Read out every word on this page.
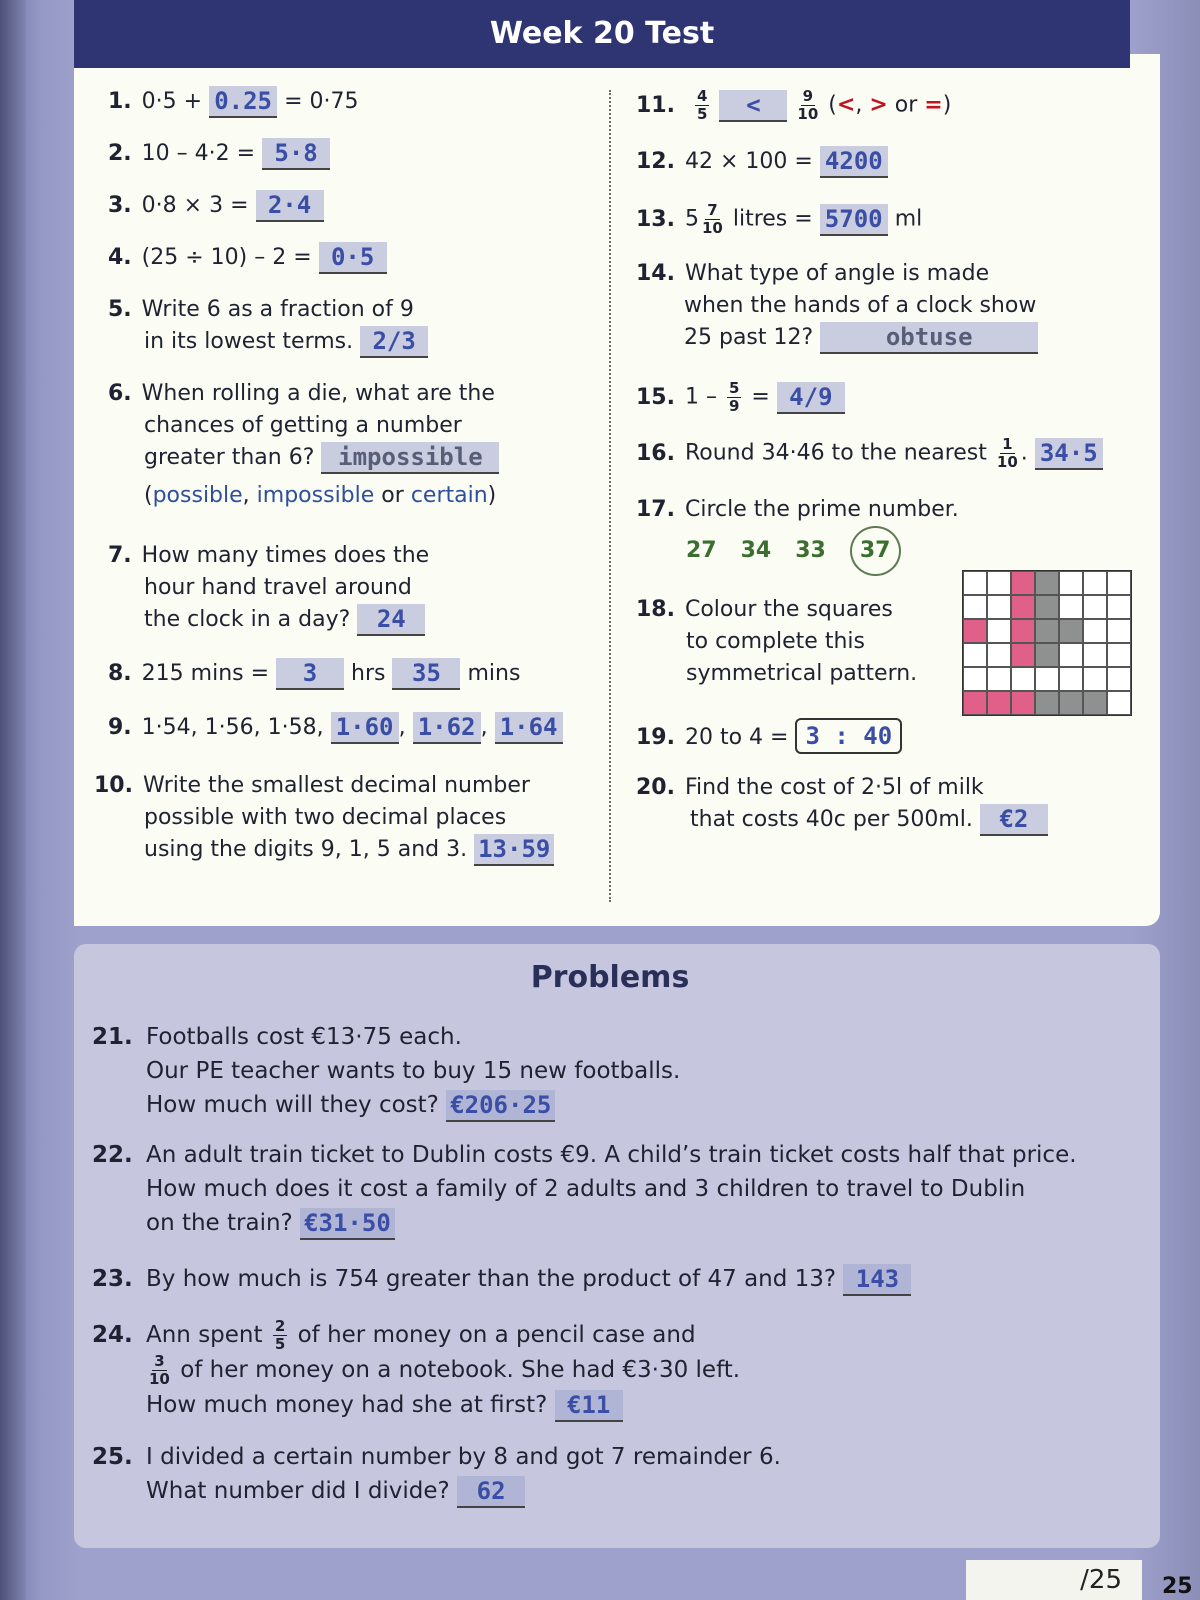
Week 20 Test
1. 0·5 + 0.25 = 0·75
2. 10 – 4·2 = 5·8
3. 0·8 × 3 = 2·4
4. (25 ÷ 10) – 2 = 0·5
5. Write 6 as a fraction of 9
in its lowest terms. 2/3
6. When rolling a die, what are the
chances of getting a number
greater than 6? impossible
(possible, impossible or certain)
7. How many times does the
hour hand travel around
the clock in a day? 24
8. 215 mins = 3 hrs 35 mins
9. 1·54, 1·56, 1·58, 1·60 , 1·62 , 1·64
10. Write the smallest decimal number
possible with two decimal places
using the digits 9, 1, 5 and 3. 13·59
11. $\frac{4}{5} < \frac{9}{10}$ (<, > or =)
12. 42 × 100 = 4200
13. $5 \frac{7}{10}$ litres = 5700 ml
14. What type of angle is made
when the hands of a clock show
25 past 12?	obtuse
15. $1 - \frac{5}{9} = 4/9$
16. Round 34·46 to the nearest $\frac{1}{10}$ . 34·5
17. Circle the prime number.
27 34 33 37
18. Colour the squares
to complete this
symmetrical pattern.
19. 20 to 4 = 3 : 40
20. Find the cost of 2·5l of milk
that costs 40c per 500ml. €2
Problems
21. Footballs cost €13·75 each.
Our PE teacher wants to buy 15 new footballs.
How much will they cost? €206·25
22. An adult train ticket to Dublin costs €9. A child’s train ticket costs half that price.
How much does it cost a family of 2 adults and 3 children to travel to Dublin
on the train? €31·50
23. By how much is 754 greater than the product of 47 and 13? 143
24. Ann spent $\frac{2}{5}$ of her money on a pencil case and

$\frac{3}{10}$ of her money on a notebook. She had €3·30 left.
How much money had she at first? €11
25. I divided a certain number by 8 and got 7 remainder 6.
What number did I divide? 62
/25	25
